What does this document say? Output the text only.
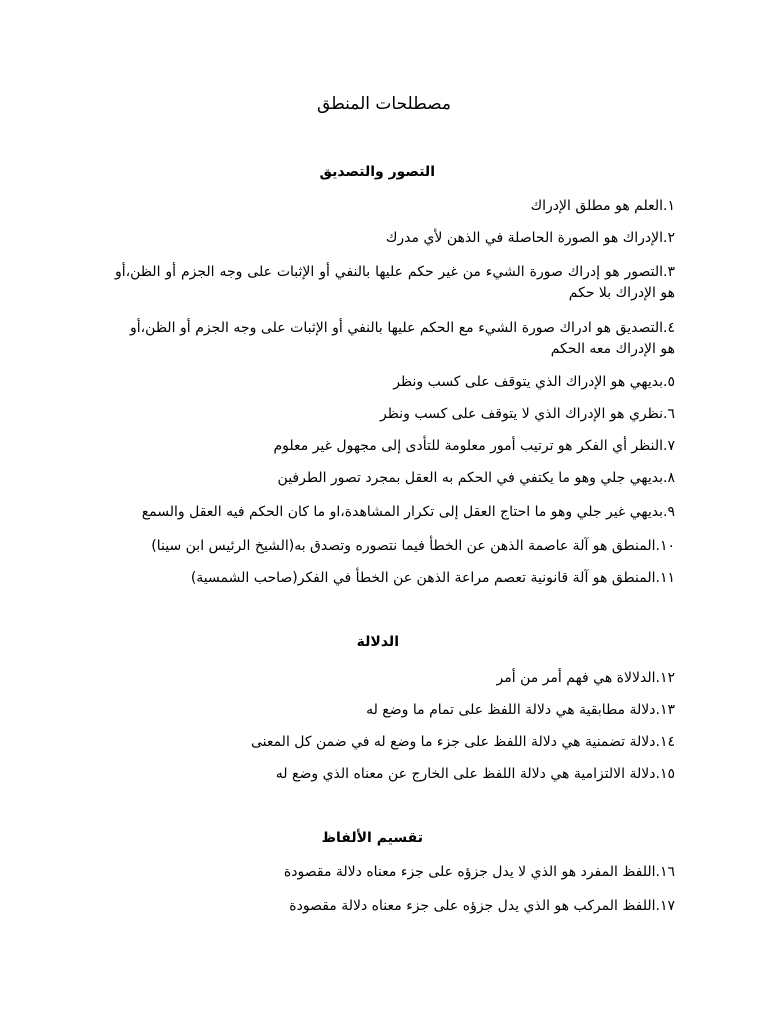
مصطلحات المنطق
التصور والتصديق
١.العلم هو مطلق الإدراك
٢.الإدراك هو الصورة الحاصلة في الذهن لأي مدرك
٣.التصور هو إدراك صورة الشيء من غير حكم عليها بالنفي أو الإثبات على وجه الجزم أو الظن،أو هو الإدراك بلا حكم
٤.التصديق هو ادراك صورة الشيء مع الحكم عليها بالنفي أو الإثبات على وجه الجزم أو الظن،أو هو الإدراك معه الحكم
٥.بديهي هو الإدراك الذي يتوقف على كسب ونظر
٦.نظري هو الإدراك الذي لا يتوقف على كسب ونظر
٧.النظر أي الفكر هو ترتيب أمور معلومة للتأدى إلى مجهول غير معلوم
٨.بديهي جلي وهو ما يكتفي في الحكم به العقل بمجرد تصور الطرفين
٩.بديهي غير جلي وهو ما احتاج العقل إلى تكرار المشاهدة،او ما كان الحكم فيه العقل والسمع
١٠.المنطق هو آلة عاصمة الذهن عن الخطأ فيما نتصوره وتصدق به(الشيخ الرئيس ابن سينا)
١١.المنطق هو آلة قانونية تعصم مراعة الذهن عن الخطأ في الفكر(صاحب الشمسية)
الدلالة
١٢.الدلالاة هي فهم أمر من أمر
١٣.دلالة مطابقية هي دلالة اللفظ على تمام ما وضع له
١٤.دلالة تضمنية هي دلالة اللفظ على جزء ما وضع له في ضمن كل المعنى
١٥.دلالة الالتزامية هي دلالة اللفظ على الخارج عن معناه الذي وضع له
تقسيم الألفاظ
١٦.اللفظ المفرد هو الذي لا يدل جزؤه على جزء معناه دلالة مقصودة
١٧.اللفظ المركب هو الذي يدل جزؤه على جزء معناه دلالة مقصودة
